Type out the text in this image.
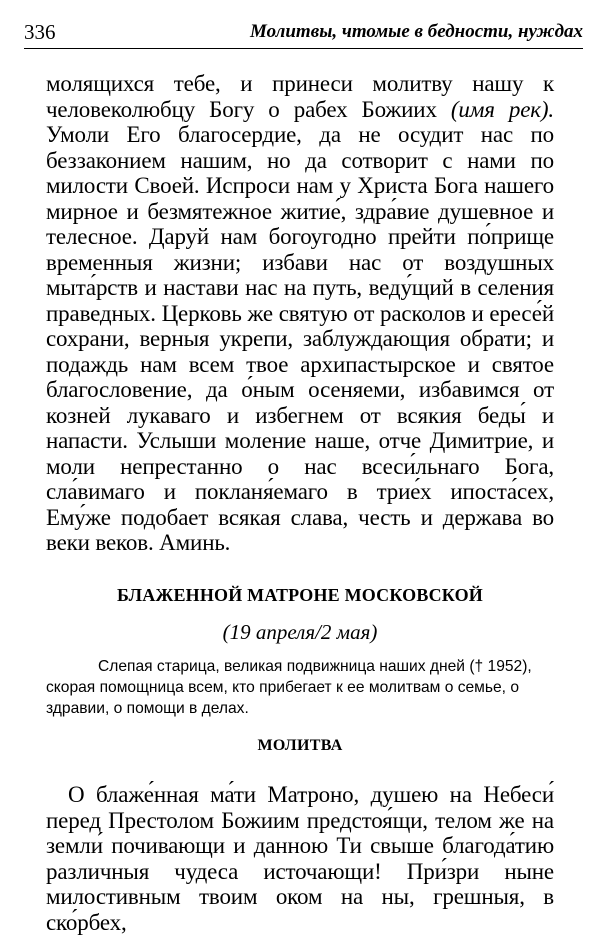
336	Молитвы, чтомые в бедности, нуждах

молящихся тебе, и принеси молитву нашу к человеколюбцу Богу о рабех Божиих (имя рек). Умоли Его благосердие, да не осудит нас по беззаконием нашим, но да сотворит с нами по милости Своей. Испроси нам у Христа Бога нашего мирное и безмятежное житие́, здра́вие душевное и телесное. Даруй нам богоугодно прейти по́прище временныя жизни; избави нас от воздушных мыта́рств и настави нас на путь, веду́щий в селения праведных. Церковь же святую от расколов и ересе́й сохрани, верныя укрепи, заблуждающия обрати; и подаждь нам всем твое архипастырское и святое благословение, да о́ным осеняеми, избавимся от козней лукаваго и избегнем от всякия беды́ и напасти. Услыши моление наше, отче Димитрие, и моли непрестанно о нас всеси́льнаго Бога, сла́вимаго и покланя́емаго в трие́х ипоста́сех, Ему́же подобает всякая слава, честь и держава во веки веков. Аминь.

БЛАЖЕННОЙ МАТРОНЕ МОСКОВСКОЙ
(19 апреля/2 мая)

Слепая старица, великая подвижница наших дней († 1952), скорая помощница всем, кто прибегает к ее молитвам о семье, о здравии, о помощи в делах.

МОЛИТВА

О блаже́нная ма́ти Матроно, душею на Небеси́ перед Престолом Божиим предстоя́щи, телом же на земли́ почивающи и данною Ти свыше благода́тию различныя чудеса источающи! При́зри ныне милостивным твоим оком на ны, грешныя, в ско́рбех,
